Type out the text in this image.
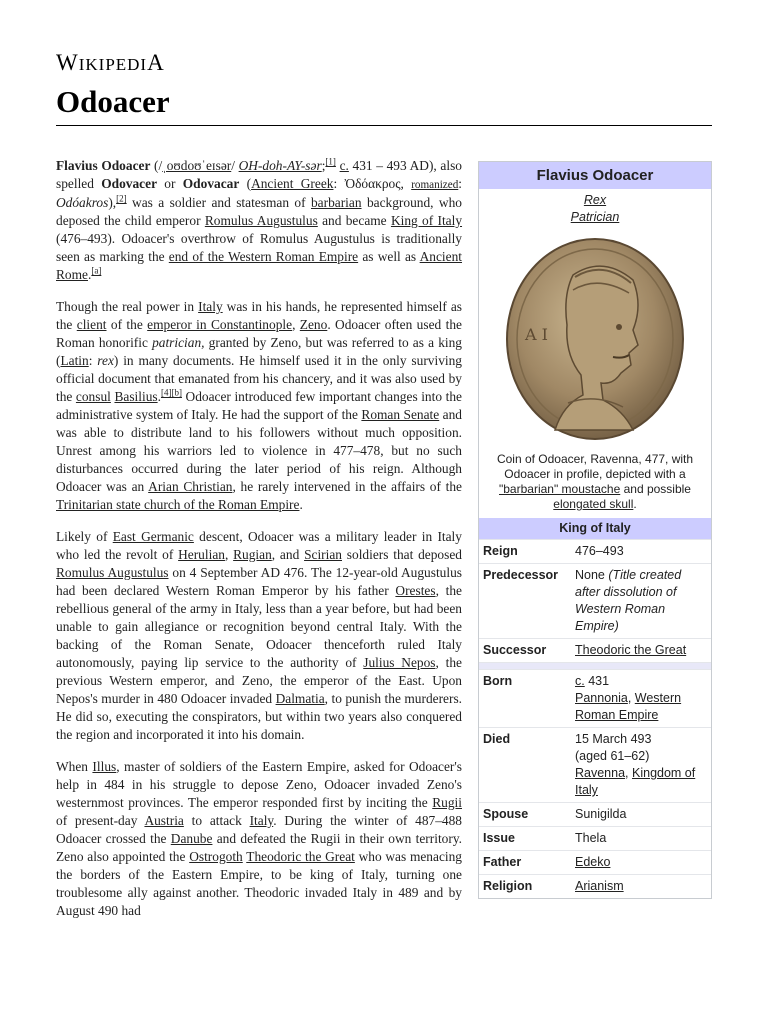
WIKIPEDIA
Odoacer
Flavius Odoacer
Rex
Patrician
A I
Coin of Odoacer, Ravenna, 477, with Odoacer in profile, depicted with a "barbarian" moustache and possible elongated skull.
King of Italy
Reign	476–493
Predecessor	None (Title created after dissolution of Western Roman Empire)
Successor	Theodoric the Great
Born	c. 431
Pannonia, Western Roman Empire
Died	15 March 493
(aged 61–62)
Ravenna, Kingdom of Italy
Spouse	Sunigilda
Issue	Thela
Father	Edeko
Religion	Arianism

Flavius Odoacer (/ˌoʊdoʊˈeɪsər/ OH-doh-AY-sər;[1] c. 431 – 493 AD), also spelled Odovacer or Odovacar (Ancient Greek: Ὀδόακρος, romanized: Odóakros),[2] was a soldier and statesman of barbarian background, who deposed the child emperor Romulus Augustulus and became King of Italy (476–493). Odoacer's overthrow of Romulus Augustulus is traditionally seen as marking the end of the Western Roman Empire as well as Ancient Rome.[a]

Though the real power in Italy was in his hands, he represented himself as the client of the emperor in Constantinople, Zeno. Odoacer often used the Roman honorific patrician, granted by Zeno, but was referred to as a king (Latin: rex) in many documents. He himself used it in the only surviving official document that emanated from his chancery, and it was also used by the consul Basilius.[4][b] Odoacer introduced few important changes into the administrative system of Italy. He had the support of the Roman Senate and was able to distribute land to his followers without much opposition. Unrest among his warriors led to violence in 477–478, but no such disturbances occurred during the later period of his reign. Although Odoacer was an Arian Christian, he rarely intervened in the affairs of the Trinitarian state church of the Roman Empire.

Likely of East Germanic descent, Odoacer was a military leader in Italy who led the revolt of Herulian, Rugian, and Scirian soldiers that deposed Romulus Augustulus on 4 September AD 476. The 12-year-old Augustulus had been declared Western Roman Emperor by his father Orestes, the rebellious general of the army in Italy, less than a year before, but had been unable to gain allegiance or recognition beyond central Italy. With the backing of the Roman Senate, Odoacer thenceforth ruled Italy autonomously, paying lip service to the authority of Julius Nepos, the previous Western emperor, and Zeno, the emperor of the East. Upon Nepos's murder in 480 Odoacer invaded Dalmatia, to punish the murderers. He did so, executing the conspirators, but within two years also conquered the region and incorporated it into his domain.

When Illus, master of soldiers of the Eastern Empire, asked for Odoacer's help in 484 in his struggle to depose Zeno, Odoacer invaded Zeno's westernmost provinces. The emperor responded first by inciting the Rugii of present-day Austria to attack Italy. During the winter of 487–488 Odoacer crossed the Danube and defeated the Rugii in their own territory. Zeno also appointed the Ostrogoth Theodoric the Great who was menacing the borders of the Eastern Empire, to be king of Italy, turning one troublesome ally against another. Theodoric invaded Italy in 489 and by August 490 had
